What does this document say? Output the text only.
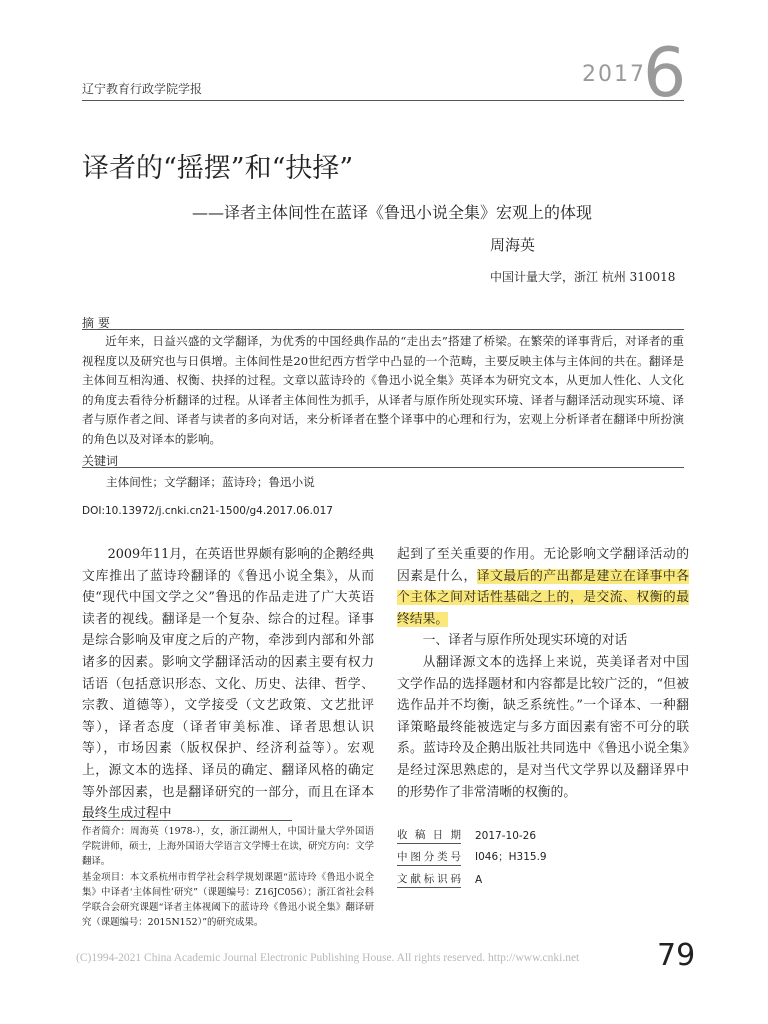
辽宁教育行政学院学报
2017
6
译者的“摇摆”和“抉择”
——译者主体间性在蓝译《鲁迅小说全集》宏观上的体现
周海英
中国计量大学，浙江 杭州 310018
摘 要
近年来，日益兴盛的文学翻译，为优秀的中国经典作品的“走出去”搭建了桥梁。在繁荣的译事背后，对译者的重视程度以及研究也与日俱增。主体间性是20世纪西方哲学中凸显的一个范畴，主要反映主体与主体间的共在。翻译是主体间互相沟通、权衡、抉择的过程。文章以蓝诗玲的《鲁迅小说全集》英译本为研究文本，从更加人性化、人文化的角度去看待分析翻译的过程。从译者主体间性为抓手，从译者与原作所处现实环境、译者与翻译活动现实环境、译者与原作者之间、译者与读者的多向对话，来分析译者在整个译事中的心理和行为，宏观上分析译者在翻译中所扮演的角色以及对译本的影响。
关键词
主体间性；文学翻译；蓝诗玲；鲁迅小说
DOI:10.13972/j.cnki.cn21-1500/g4.2017.06.017

2009年11月，在英语世界颇有影响的企鹅经典文库推出了蓝诗玲翻译的《鲁迅小说全集》，从而使“现代中国文学之父”鲁迅的作品走进了广大英语读者的视线。翻译是一个复杂、综合的过程。译事是综合影响及审度之后的产物，牵涉到内部和外部诸多的因素。影响文学翻译活动的因素主要有权力话语（包括意识形态、文化、历史、法律、哲学、宗教、道德等），文学接受（文艺政策、文艺批评等），译者态度（译者审美标准、译者思想认识等），市场因素（版权保护、经济利益等）。宏观上，源文本的选择、译员的确定、翻译风格的确定等外部因素，也是翻译研究的一部分，而且在译本最终生成过程中

起到了至关重要的作用。无论影响文学翻译活动的因素是什么，译文最后的产出都是建立在译事中各个主体之间对话性基础之上的，是交流、权衡的最终结果。

一、译者与原作所处现实环境的对话

从翻译源文本的选择上来说，英美译者对中国文学作品的选择题材和内容都是比较广泛的，“但被选作品并不均衡，缺乏系统性。”一个译本、一种翻译策略最终能被选定与多方面因素有密不可分的联系。蓝诗玲及企鹅出版社共同选中《鲁迅小说全集》是经过深思熟虑的，是对当代文学界以及翻译界中的形势作了非常清晰的权衡的。

作者简介：周海英（1978-），女，浙江湖州人，中国计量大学外国语学院讲师，硕士，上海外国语大学语言文学博士在读，研究方向：文学翻译。

基金项目：本文系杭州市哲学社会科学规划课题“蓝诗玲《鲁迅小说全集》中译者‘主体间性’研究”（课题编号：Z16JC056）；浙江省社会科学联合会研究课题“译者主体视阈下的蓝诗玲《鲁迅小说全集》翻译研究（课题编号：2015N152）”的研究成果。

收稿日期 2017-10-26
中图分类号 I046；H315.9
文献标识码 A
(C)1994-2021 China Academic Journal Electronic Publishing House. All rights reserved. http://www.cnki.net	79
